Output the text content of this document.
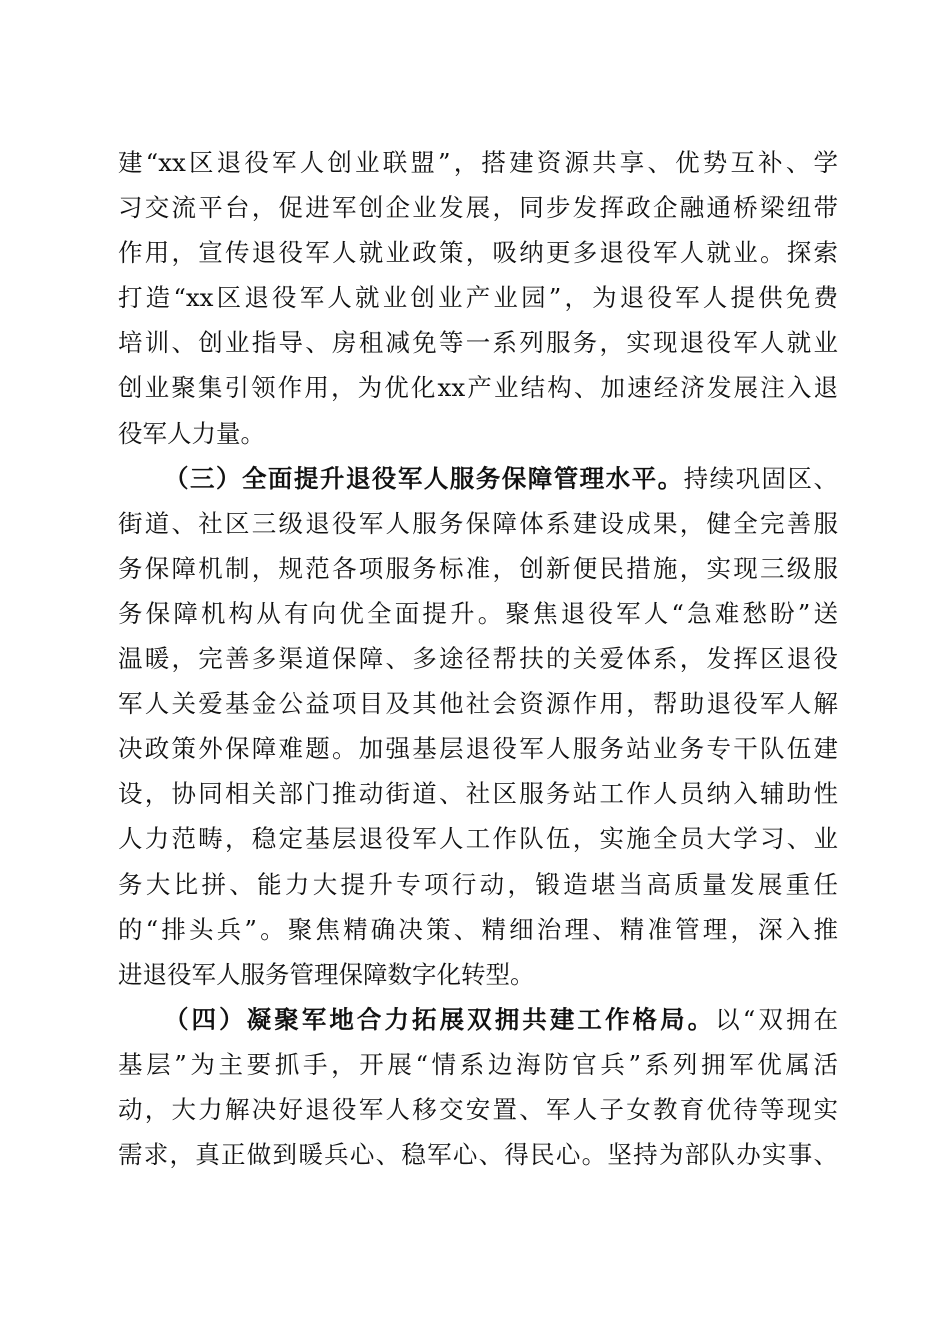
建“xx区退役军人创业联盟”，搭建资源共享、优势互补、学
习交流平台，促进军创企业发展，同步发挥政企融通桥梁纽带
作用，宣传退役军人就业政策，吸纳更多退役军人就业。探索
打造“xx区退役军人就业创业产业园”，为退役军人提供免费
培训、创业指导、房租减免等一系列服务，实现退役军人就业
创业聚集引领作用，为优化xx产业结构、加速经济发展注入退
役军人力量。
（三）全面提升退役军人服务保障管理水平。持续巩固区、
街道、社区三级退役军人服务保障体系建设成果，健全完善服
务保障机制，规范各项服务标准，创新便民措施，实现三级服
务保障机构从有向优全面提升。聚焦退役军人“急难愁盼”送
温暖，完善多渠道保障、多途径帮扶的关爱体系，发挥区退役
军人关爱基金公益项目及其他社会资源作用，帮助退役军人解
决政策外保障难题。加强基层退役军人服务站业务专干队伍建
设，协同相关部门推动街道、社区服务站工作人员纳入辅助性
人力范畴，稳定基层退役军人工作队伍，实施全员大学习、业
务大比拼、能力大提升专项行动，锻造堪当高质量发展重任
的“排头兵”。聚焦精确决策、精细治理、精准管理，深入推
进退役军人服务管理保障数字化转型。
（四）凝聚军地合力拓展双拥共建工作格局。以“双拥在
基层”为主要抓手，开展“情系边海防官兵”系列拥军优属活
动，大力解决好退役军人移交安置、军人子女教育优待等现实
需求，真正做到暖兵心、稳军心、得民心。坚持为部队办实事、
